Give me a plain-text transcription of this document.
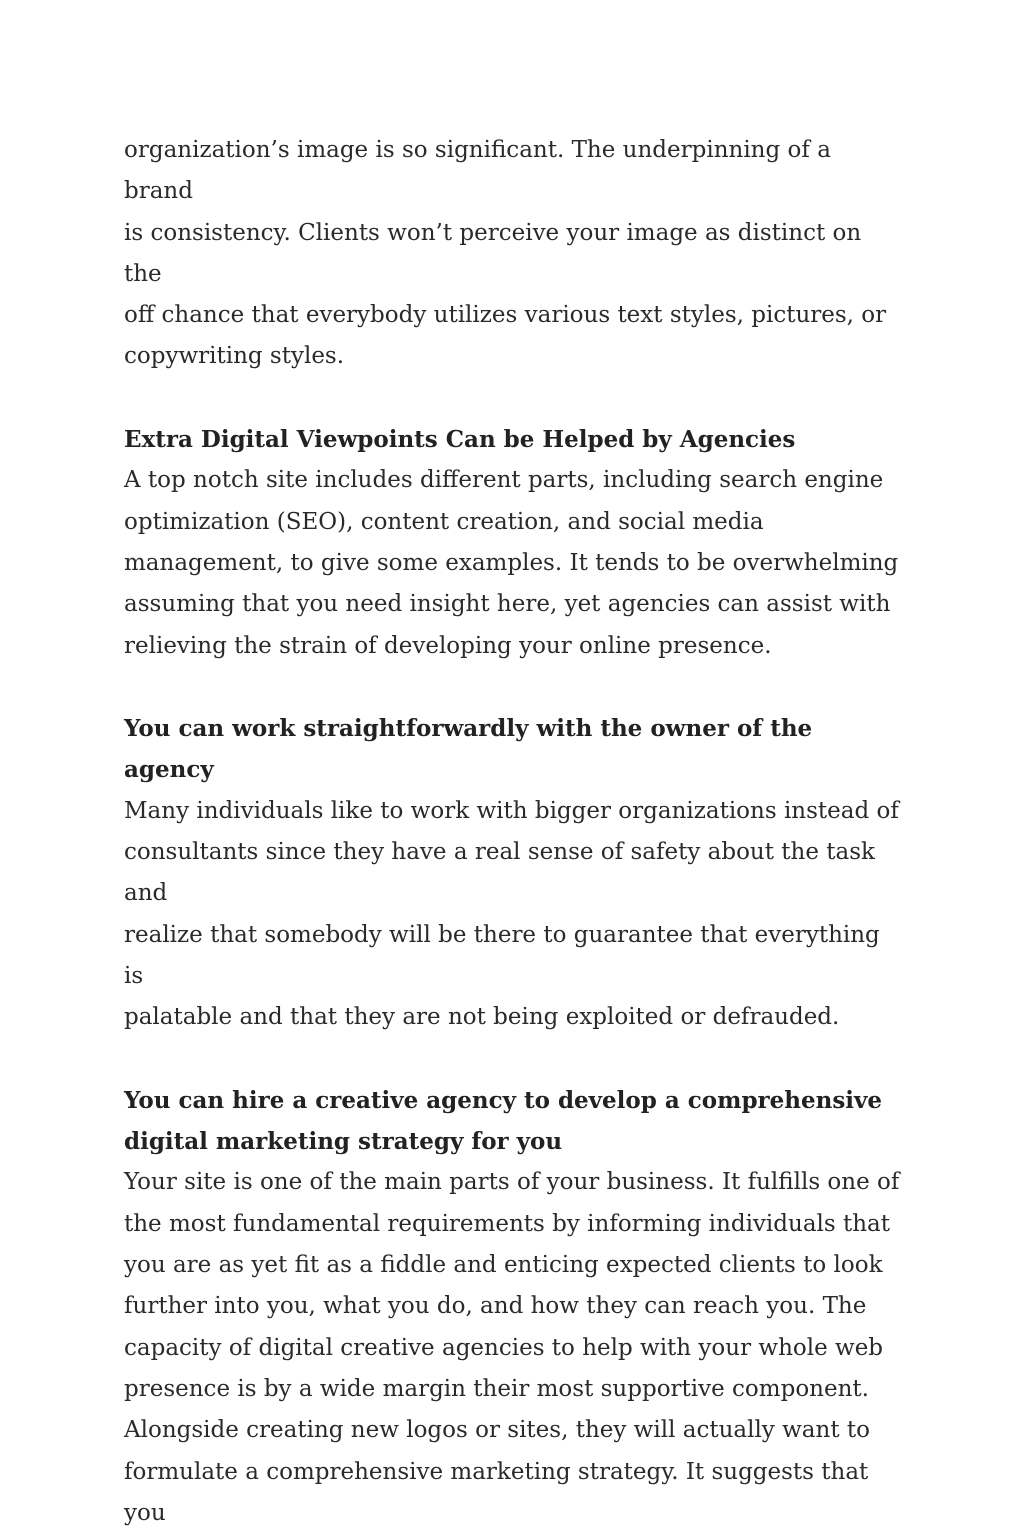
organization’s image is so significant. The underpinning of a brand
is consistency. Clients won’t perceive your image as distinct on the
off chance that everybody utilizes various text styles, pictures, or
copywriting styles.

Extra Digital Viewpoints Can be Helped by Agencies

A top notch site includes different parts, including search engine
optimization (SEO), content creation, and social media
management, to give some examples. It tends to be overwhelming
assuming that you need insight here, yet agencies can assist with
relieving the strain of developing your online presence.

You can work straightforwardly with the owner of the
agency

Many individuals like to work with bigger organizations instead of
consultants since they have a real sense of safety about the task and
realize that somebody will be there to guarantee that everything is
palatable and that they are not being exploited or defrauded.

You can hire a creative agency to develop a comprehensive
digital marketing strategy for you

Your site is one of the main parts of your business. It fulfills one of
the most fundamental requirements by informing individuals that
you are as yet fit as a fiddle and enticing expected clients to look
further into you, what you do, and how they can reach you. The
capacity of digital creative agencies to help with your whole web
presence is by a wide margin their most supportive component.
Alongside creating new logos or sites, they will actually want to
formulate a comprehensive marketing strategy. It suggests that you
